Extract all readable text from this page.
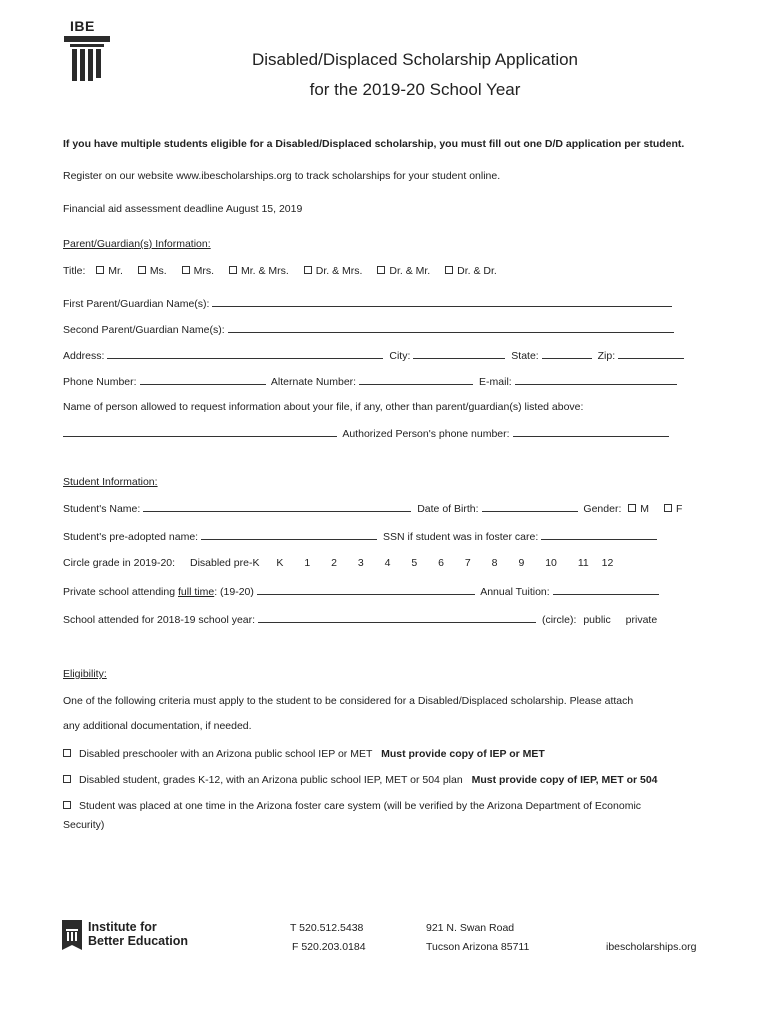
IBE
Disabled/Displaced Scholarship Application
for the 2019-20 School Year
If you have multiple students eligible for a Disabled/Displaced scholarship, you must fill out one D/D application per student.
Register on our website www.ibescholarships.org to track scholarships for your student online.
Financial aid assessment deadline August 15, 2019
Parent/Guardian(s) Information:
Title: Mr.	Ms.	Mrs.	Mr. & Mrs.	Dr. & Mrs.	Dr. & Mr.	Dr. & Dr.
First Parent/Guardian Name(s):
Second Parent/Guardian Name(s):
Address:	City:	State:	Zip:
Phone Number:	Alternate Number:	E-mail:
Name of person allowed to request information about your file, if any, other than parent/guardian(s) listed above:
Authorized Person's phone number:
Student Information:
Student's Name:	Date of Birth:	Gender: M	F
Student's pre-adopted name:	SSN if student was in foster care:
Circle grade in 2019-20: Disabled pre-K K 1 2 3 4 5 6 7 8 9 10 11 12
Private school attending full time: (19-20)	Annual Tuition:
School attended for 2018-19 school year:	(circle): public private
Eligibility:
One of the following criteria must apply to the student to be considered for a Disabled/Displaced scholarship. Please attach
any additional documentation, if needed.
Disabled preschooler with an Arizona public school IEP or MET Must provide copy of IEP or MET
Disabled student, grades K-12, with an Arizona public school IEP, MET or 504 plan Must provide copy of IEP, MET or 504
Student was placed at one time in the Arizona foster care system (will be verified by the Arizona Department of Economic
Security)
Institute for
Better Education
T 520.512.5438
F 520.203.0184
921 N. Swan Road
Tucson Arizona 85711	ibescholarships.org
